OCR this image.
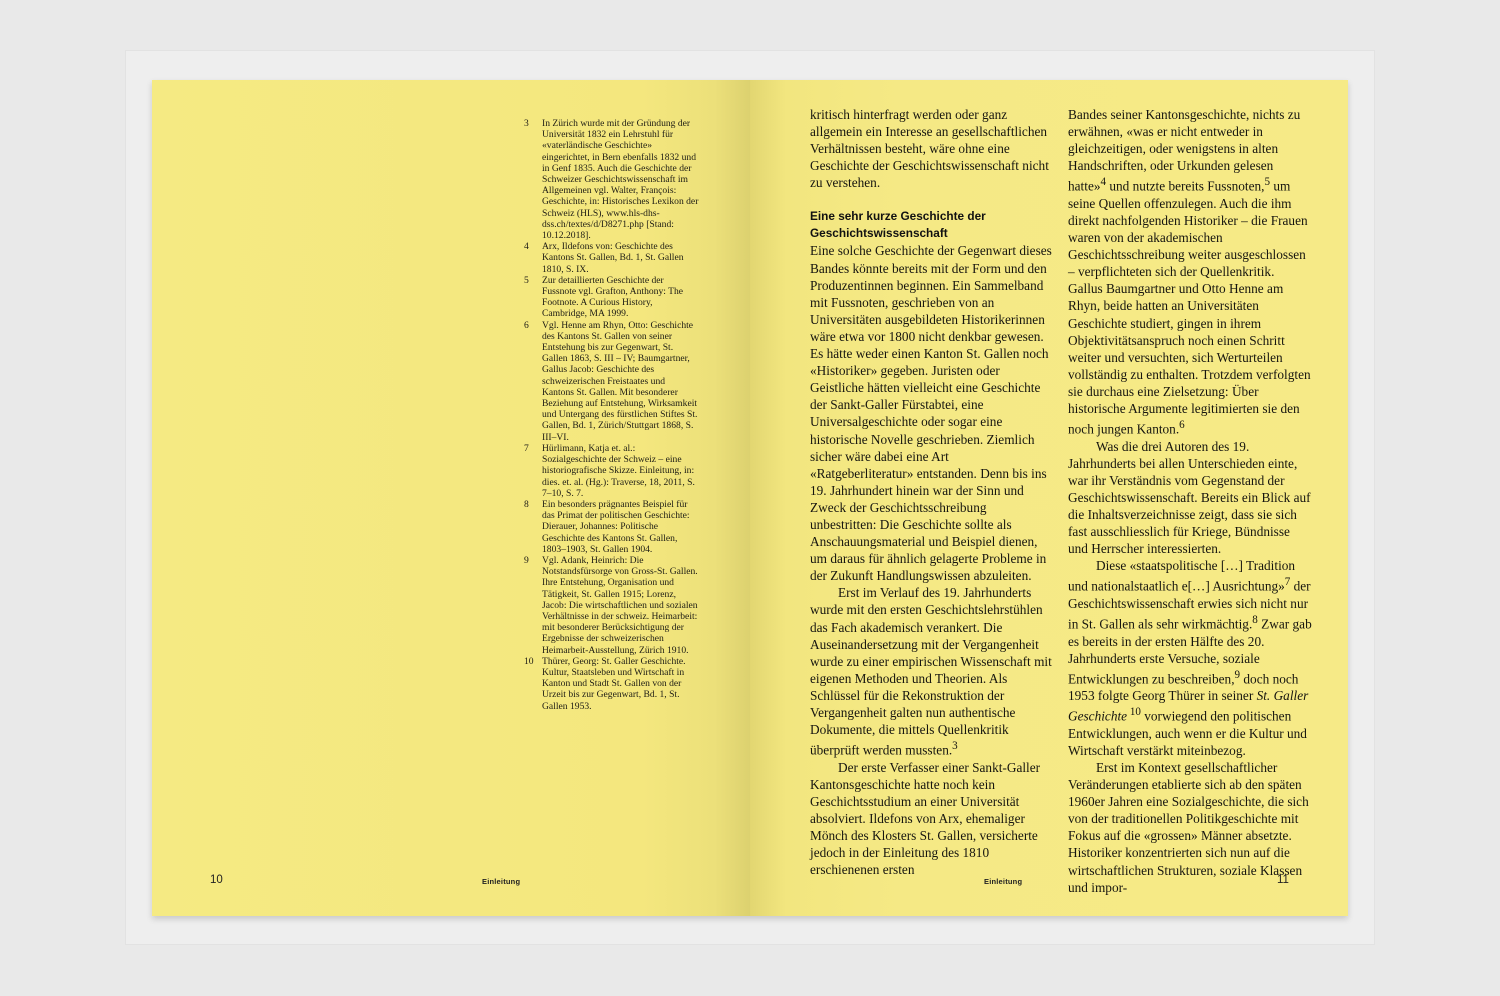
3	In Zürich wurde mit der Gründung der Universität 1832 ein Lehrstuhl für «vaterländische Geschichte» eingerichtet, in Bern ebenfalls 1832 und in Genf 1835. Auch die Geschichte der Schweizer Geschichtswissenschaft im Allgemeinen vgl. Walter, François: Geschichte, in: Historisches Lexikon der Schweiz (HLS), www.hls-dhs-dss.ch/textes/d/D8271.php [Stand: 10.12.2018].
4	Arx, Ildefons von: Geschichte des Kantons St. Gallen, Bd. 1, St. Gallen 1810, S. IX.
5	Zur detaillierten Geschichte der Fussnote vgl. Grafton, Anthony: The Footnote. A Curious History, Cambridge, MA 1999.
6	Vgl. Henne am Rhyn, Otto: Geschichte des Kantons St. Gallen von seiner Entstehung bis zur Gegenwart, St. Gallen 1863, S. III – IV; Baumgartner, Gallus Jacob: Geschichte des schweizerischen Freistaates und Kantons St. Gallen. Mit besonderer Beziehung auf Entstehung, Wirksamkeit und Untergang des fürstlichen Stiftes St. Gallen, Bd. 1, Zürich/Stuttgart 1868, S. III–VI.
7	Hürlimann, Katja et. al.: Sozialgeschichte der Schweiz – eine historiografische Skizze. Einleitung, in: dies. et. al. (Hg.): Traverse, 18, 2011, S. 7–10, S. 7.
8	Ein besonders prägnantes Beispiel für das Primat der politischen Geschichte: Dierauer, Johannes: Politische Geschichte des Kantons St. Gallen, 1803–1903, St. Gallen 1904.
9	Vgl. Adank, Heinrich: Die Notstandsfürsorge von Gross-St. Gallen. Ihre Entstehung, Organisation und Tätigkeit, St. Gallen 1915; Lorenz, Jacob: Die wirtschaftlichen und sozialen Verhältnisse in der schweiz. Heimarbeit: mit besonderer Berücksichtigung der Ergebnisse der schweizerischen Heimarbeit-Ausstellung, Zürich 1910.
10 Thürer, Georg: St. Galler Geschichte. Kultur, Staatsleben und Wirtschaft in Kanton und Stadt St. Gallen von der Urzeit bis zur Gegenwart, Bd. 1, St. Gallen 1953.
10	Einleitung

kritisch hinterfragt werden oder ganz allgemein ein Interesse an gesellschaftlichen Verhältnissen besteht, wäre ohne eine Geschichte der Geschichtswissenschaft nicht zu verstehen.

Eine sehr kurze Geschichte der Geschichtswissenschaft

Eine solche Geschichte der Gegenwart dieses Bandes könnte bereits mit der Form und den Produzentinnen beginnen. Ein Sammelband mit Fussnoten, geschrieben von an Universitäten ausgebildeten Historikerinnen wäre etwa vor 1800 nicht denkbar gewesen. Es hätte weder einen Kanton St. Gallen noch «Historiker» gegeben. Juristen oder Geistliche hätten vielleicht eine Geschichte der Sankt-Galler Fürstabtei, eine Universalgeschichte oder sogar eine historische Novelle geschrieben. Ziemlich sicher wäre dabei eine Art «Ratgeberliteratur» entstanden. Denn bis ins 19. Jahrhundert hinein war der Sinn und Zweck der Geschichtsschreibung unbestritten: Die Geschichte sollte als Anschauungsmaterial und Beispiel dienen, um daraus für ähnlich gelagerte Probleme in der Zukunft Handlungswissen abzuleiten.

Erst im Verlauf des 19. Jahrhunderts wurde mit den ersten Geschichtslehrstühlen das Fach akademisch verankert. Die Auseinandersetzung mit der Vergangenheit wurde zu einer empirischen Wissenschaft mit eigenen Methoden und Theorien. Als Schlüssel für die Rekonstruktion der Vergangenheit galten nun authentische Dokumente, die mittels Quellenkritik überprüft werden mussten.$^3$

Der erste Verfasser einer Sankt-Galler Kantonsgeschichte hatte noch kein Geschichtsstudium an einer Universität absolviert. Ildefons von Arx, ehemaliger Mönch des Klosters St. Gallen, versicherte jedoch in der Einleitung des 1810 erschienenen ersten

Bandes seiner Kantonsgeschichte, nichts zu erwähnen, «was er nicht entweder in gleichzeitigen, oder wenigstens in alten Handschriften, oder Urkunden gelesen hatte»$^4$ und nutzte bereits Fussnoten,$^5$ um seine Quellen offenzulegen. Auch die ihm direkt nachfolgenden Historiker – die Frauen waren von der akademischen Geschichtsschreibung weiter ausgeschlossen – verpflichteten sich der Quellenkritik. Gallus Baumgartner und Otto Henne am Rhyn, beide hatten an Universitäten Geschichte studiert, gingen in ihrem Objektivitätsanspruch noch einen Schritt weiter und versuchten, sich Werturteilen vollständig zu enthalten. Trotzdem verfolgten sie durchaus eine Zielsetzung: Über historische Argumente legitimierten sie den noch jungen Kanton.$^6$

Was die drei Autoren des 19. Jahrhunderts bei allen Unterschieden einte, war ihr Verständnis vom Gegenstand der Geschichtswissenschaft. Bereits ein Blick auf die Inhaltsverzeichnisse zeigt, dass sie sich fast ausschliesslich für Kriege, Bündnisse und Herrscher interessierten.

Diese «staatspolitische […] Tradition und nationalstaatlich e[…] Ausrichtung»$^7$ der Geschichtswissenschaft erwies sich nicht nur in St. Gallen als sehr wirkmächtig.$^8$ Zwar gab es bereits in der ersten Hälfte des 20. Jahrhunderts erste Versuche, soziale Entwicklungen zu beschreiben,$^9$ doch noch 1953 folgte Georg Thürer in seiner St. Galler Geschichte $^{10}$ vorwiegend den politischen Entwicklungen, auch wenn er die Kultur und Wirtschaft verstärkt miteinbezog.

Erst im Kontext gesellschaftlicher Veränderungen etablierte sich ab den späten 1960er Jahren eine Sozialgeschichte, die sich von der traditionellen Politikgeschichte mit Fokus auf die «grossen» Männer absetzte. Historiker konzentrierten sich nun auf die wirtschaftlichen Strukturen, soziale Klassen und impor-

Einleitung	11
